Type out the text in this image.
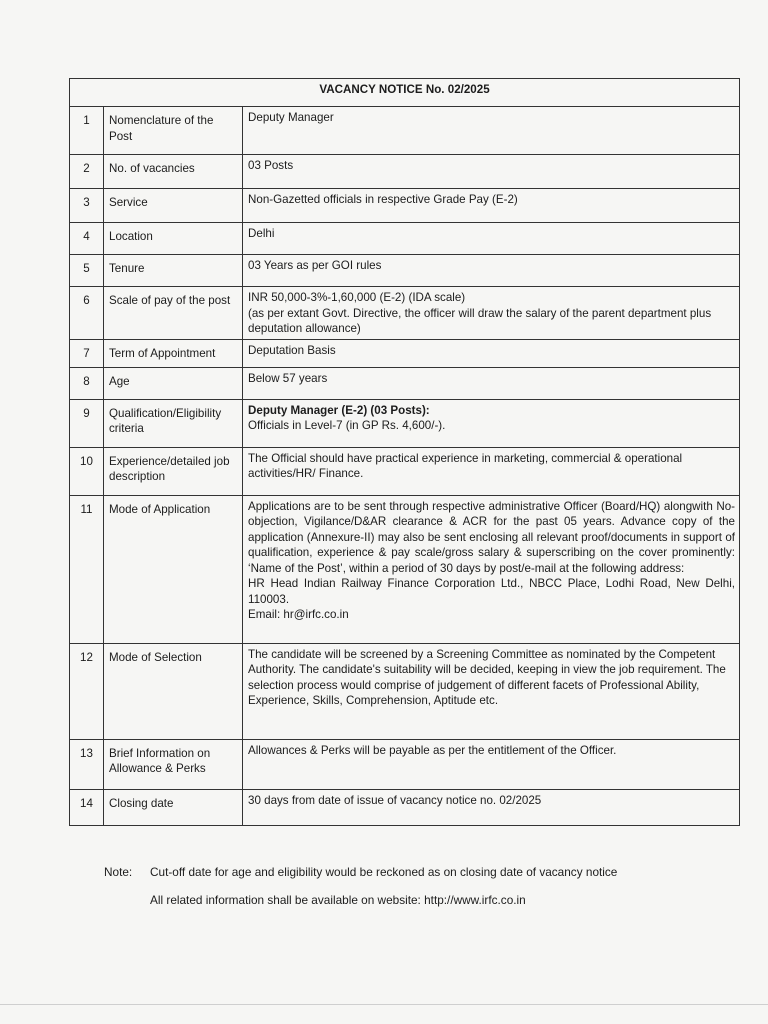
VACANCY NOTICE No. 02/2025		
1	Nomenclature of the Post	Deputy Manager

2	No. of vacancies	03 Posts

3	Service	Non-Gazetted officials in respective Grade Pay (E-2)

4	Location	Delhi

5	Tenure	03 Years as per GOI rules

6	Scale of pay of the post	INR 50,000-3%-1,60,000 (E-2) (IDA scale)
(as per extant Govt. Directive, the officer will draw the salary of the parent department plus deputation allowance)

7	Term of Appointment	Deputation Basis

8	Age	Below 57 years

9	Qualification/Eligibility criteria	Deputy Manager (E-2) (03 Posts):
Officials in Level-7 (in GP Rs. 4,600/-).

10	Experience/detailed job description	The Official should have practical experience in marketing, commercial & operational activities/HR/ Finance.

11	Mode of Application	Applications are to be sent through respective administrative Officer (Board/HQ) alongwith No-objection, Vigilance/D&AR clearance & ACR for the past 05 years. Advance copy of the application (Annexure-II) may also be sent enclosing all relevant proof/documents in support of qualification, experience & pay scale/gross salary & superscribing on the cover prominently: ‘Name of the Post’, within a period of 30 days by post/e-mail at the following address:
HR Head Indian Railway Finance Corporation Ltd., NBCC Place, Lodhi Road, New Delhi, 110003.
Email: hr@irfc.co.in

12	Mode of Selection	The candidate will be screened by a Screening Committee as nominated by the Competent Authority. The candidate's suitability will be decided, keeping in view the job requirement. The selection process would comprise of judgement of different facets of Professional Ability, Experience, Skills, Comprehension, Aptitude etc.

13	Brief Information on Allowance & Perks	Allowances & Perks will be payable as per the entitlement of the Officer.

14	Closing date	30 days from date of issue of vacancy notice no. 02/2025
Note: Cut-off date for age and eligibility would be reckoned as on closing date of vacancy notice
All related information shall be available on website: http://www.irfc.co.in
